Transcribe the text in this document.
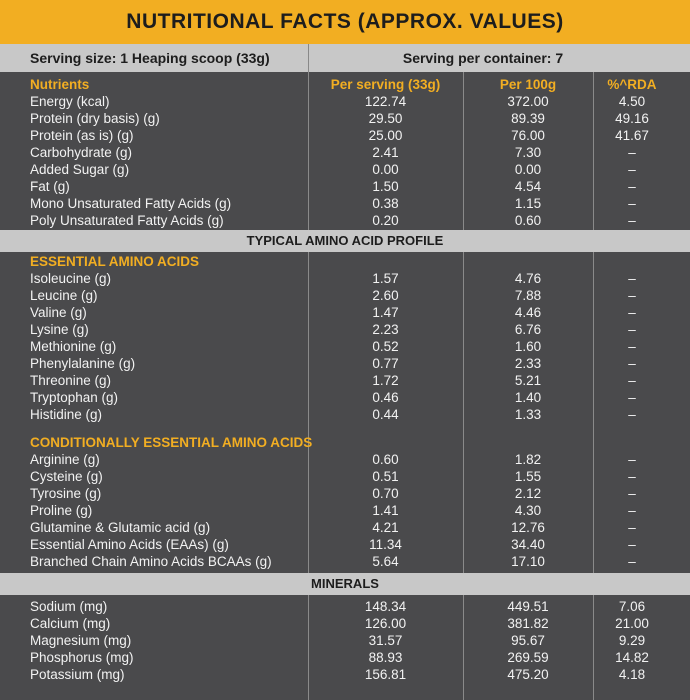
NUTRITIONAL FACTS (APPROX. VALUES)
Serving size: 1 Heaping scoop (33g)	Serving per container: 7
Nutrients	Per serving (33g)	Per 100g	%^RDA
Energy (kcal)	122.74	372.00	4.50
Protein (dry basis) (g)	29.50	89.39	49.16
Protein (as is) (g)	25.00	76.00	41.67
Carbohydrate (g)	2.41	7.30	–
Added Sugar (g)	0.00	0.00	–
Fat (g)	1.50	4.54	–
Mono Unsaturated Fatty Acids (g)	0.38	1.15	–
Poly Unsaturated Fatty Acids (g)	0.20	0.60	–
TYPICAL AMINO ACID PROFILE
ESSENTIAL AMINO ACIDS
Isoleucine (g)	1.57	4.76	–
Leucine (g)	2.60	7.88	–
Valine (g)	1.47	4.46	–
Lysine (g)	2.23	6.76	–
Methionine (g)	0.52	1.60	–
Phenylalanine (g)	0.77	2.33	–
Threonine (g)	1.72	5.21	–
Tryptophan (g)	0.46	1.40	–
Histidine (g)	0.44	1.33	–
CONDITIONALLY ESSENTIAL AMINO ACIDS
Arginine (g)	0.60	1.82	–
Cysteine (g)	0.51	1.55	–
Tyrosine (g)	0.70	2.12	–
Proline (g)	1.41	4.30	–
Glutamine & Glutamic acid (g)	4.21	12.76	–
Essential Amino Acids (EAAs) (g)	11.34	34.40	–
Branched Chain Amino Acids BCAAs (g)	5.64	17.10	–
MINERALS
Sodium (mg)	148.34	449.51	7.06
Calcium (mg)	126.00	381.82	21.00
Magnesium (mg)	31.57	95.67	9.29
Phosphorus (mg)	88.93	269.59	14.82
Potassium (mg)	156.81	475.20	4.18
